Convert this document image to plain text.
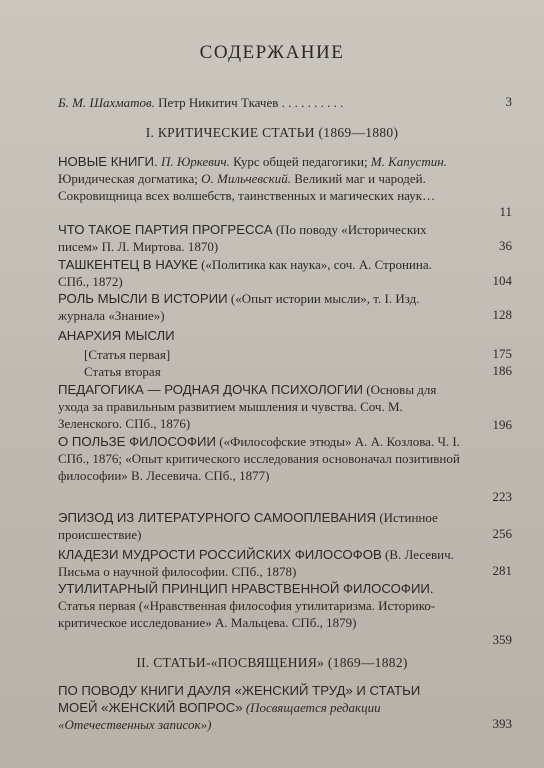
СОДЕРЖАНИЕ
Б. М. Шахматов. Петр Никитич Ткачев . . . . . . . . . .	3
I. КРИТИЧЕСКИЕ СТАТЬИ (1869—1880)
НОВЫЕ КНИГИ. П. Юркевич. Курс общей педагогики; М. Капустин. Юридическая догматика; О. Мильчевский. Великий маг и чародей. Сокровищница всех волшебств, таинственных и магических наук…
11
ЧТО ТАКОЕ ПАРТИЯ ПРОГРЕССА (По поводу «Исторических писем» П. Л. Миртова. 1870)	36
ТАШКЕНТЕЦ В НАУКЕ («Политика как наука», соч. А. Стронина. СПб., 1872)	104
РОЛЬ МЫСЛИ В ИСТОРИИ («Опыт истории мысли», т. I. Изд. журнала «Знание»)	128
АНАРХИЯ МЫСЛИ
[Статья первая]	175
Статья вторая	186
ПЕДАГОГИКА — РОДНАЯ ДОЧКА ПСИХОЛОГИИ (Основы для ухода за правильным развитием мышления и чувства. Соч. М. Зеленского. СПб., 1876)	196
О ПОЛЬЗЕ ФИЛОСОФИИ («Философские этюды» А. А. Козлова. Ч. I. СПб., 1876; «Опыт критического исследования основоначал позитивной философии» В. Лесевича. СПб., 1877)
223
ЭПИЗОД ИЗ ЛИТЕРАТУРНОГО САМООПЛЕВАНИЯ (Истинное происшествие)	256
КЛАДЕЗИ МУДРОСТИ РОССИЙСКИХ ФИЛОСОФОВ (В. Лесевич. Письма о научной философии. СПб., 1878)	281
УТИЛИТАРНЫЙ ПРИНЦИП НРАВСТВЕННОЙ ФИЛОСОФИИ. Статья первая («Нравственная философия утилитаризма. Историко-критическое исследование» А. Мальцева. СПб., 1879)
359
II. СТАТЬИ-«ПОСВЯЩЕНИЯ» (1869—1882)
ПО ПОВОДУ КНИГИ ДАУЛЯ «ЖЕНСКИЙ ТРУД» И СТАТЬИ МОЕЙ «ЖЕНСКИЙ ВОПРОС» (Посвящается редакции «Отечественных записок»)	393
